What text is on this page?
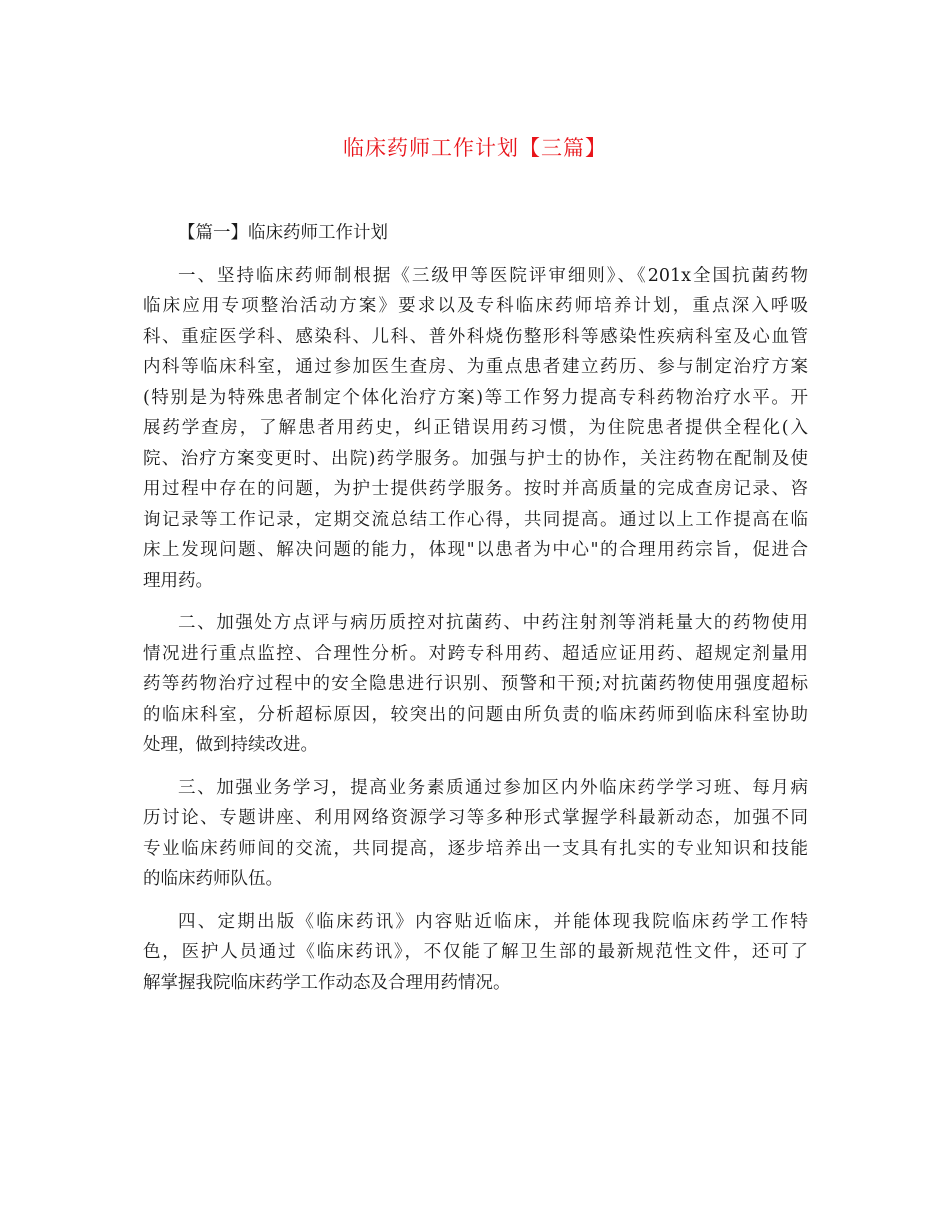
临床药师工作计划【三篇】
【篇一】临床药师工作计划
一、坚持临床药师制根据《三级甲等医院评审细则》、《201x全国抗菌药物
临床应用专项整治活动方案》要求以及专科临床药师培养计划，重点深入呼吸
科、重症医学科、感染科、儿科、普外科烧伤整形科等感染性疾病科室及心血管
内科等临床科室，通过参加医生查房、为重点患者建立药历、参与制定治疗方案
(特别是为特殊患者制定个体化治疗方案)等工作努力提高专科药物治疗水平。开
展药学查房，了解患者用药史，纠正错误用药习惯，为住院患者提供全程化(入
院、治疗方案变更时、出院)药学服务。加强与护士的协作，关注药物在配制及使
用过程中存在的问题，为护士提供药学服务。按时并高质量的完成查房记录、咨
询记录等工作记录，定期交流总结工作心得，共同提高。通过以上工作提高在临
床上发现问题、解决问题的能力，体现"以患者为中心"的合理用药宗旨，促进合
理用药。
二、加强处方点评与病历质控对抗菌药、中药注射剂等消耗量大的药物使用
情况进行重点监控、合理性分析。对跨专科用药、超适应证用药、超规定剂量用
药等药物治疗过程中的安全隐患进行识别、预警和干预;对抗菌药物使用强度超标
的临床科室，分析超标原因，较突出的问题由所负责的临床药师到临床科室协助
处理，做到持续改进。
三、加强业务学习，提高业务素质通过参加区内外临床药学学习班、每月病
历讨论、专题讲座、利用网络资源学习等多种形式掌握学科最新动态，加强不同
专业临床药师间的交流，共同提高，逐步培养出一支具有扎实的专业知识和技能
的临床药师队伍。
四、定期出版《临床药讯》内容贴近临床，并能体现我院临床药学工作特
色，医护人员通过《临床药讯》，不仅能了解卫生部的最新规范性文件，还可了
解掌握我院临床药学工作动态及合理用药情况。
